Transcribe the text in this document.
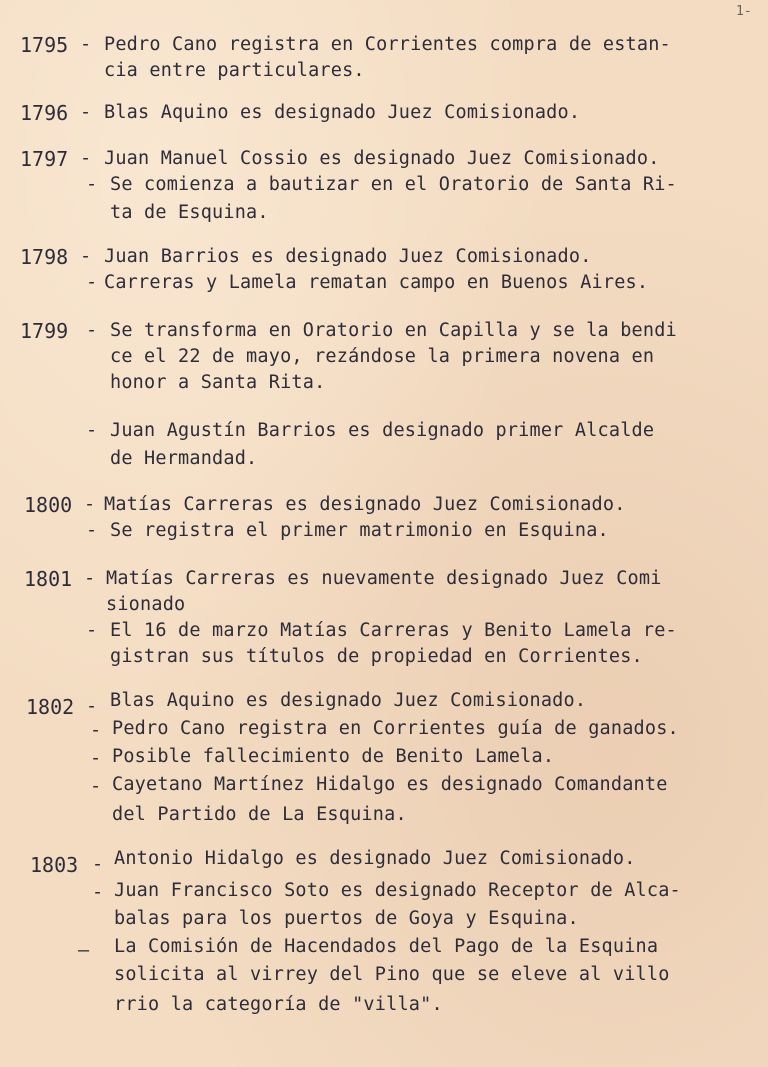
1-
1795 - Pedro Cano registra en Corrientes compra de estan-
cia entre particulares.
1796 - Blas Aquino es designado Juez Comisionado.
1797 - Juan Manuel Cossio es designado Juez Comisionado.
- Se comienza a bautizar en el Oratorio de Santa Ri-
ta de Esquina.
1798 - Juan Barrios es designado Juez Comisionado.
- Carreras y Lamela rematan campo en Buenos Aires.
1799 - Se transforma en Oratorio en Capilla y se la bendi
ce el 22 de mayo, rezándose la primera novena en
honor a Santa Rita.
- Juan Agustín Barrios es designado primer Alcalde
de Hermandad.
1800 - Matías Carreras es designado Juez Comisionado.
- Se registra el primer matrimonio en Esquina.
1801 - Matías Carreras es nuevamente designado Juez Comi
sionado
- El 16 de marzo Matías Carreras y Benito Lamela re-
gistran sus títulos de propiedad en Corrientes.
1802 - Blas Aquino es designado Juez Comisionado.
- Pedro Cano registra en Corrientes guía de ganados.
- Posible fallecimiento de Benito Lamela.
- Cayetano Martínez Hidalgo es designado Comandante
del Partido de La Esquina.
1803 - Antonio Hidalgo es designado Juez Comisionado.
- Juan Francisco Soto es designado Receptor de Alca-
balas para los puertos de Goya y Esquina.
— La Comisión de Hacendados del Pago de la Esquina
solicita al virrey del Pino que se eleve al villo
rrio la categoría de "villa".
